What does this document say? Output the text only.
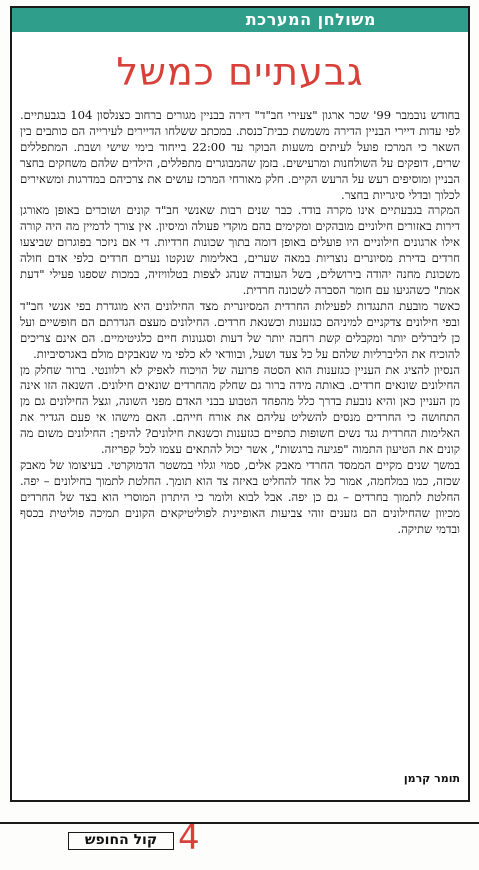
משולחן המערכת
גבעתיים כמשל

בחודש נובמבר 99' שכר ארגון "צעירי חב"ד" דירה בבניין מגורים ברחוב כצנלסון 104 בגבעתיים. לפי עדות דיירי הבניין הדירה משמשת כבית־כנסת. במכתב ששלחו הדיירים לעירייה הם כותבים בין השאר כי המרכז פועל לעיתים משעות הבוקר עד 22:00 בייחוד בימי שישי ושבת. המתפללים שרים, דופקים על השולחנות ומרעישים. בזמן שהמבוגרים מתפללים, הילדים שלהם משחקים בחצר הבניין ומוסיפים רעש על הרעש הקיים. חלק מאורחי המרכז עושים את צרכיהם במדרגות ומשאירים לכלוך ובדלי סיגריות בחצר.

המקרה בגבעתיים אינו מקרה בודד. כבר שנים רבות שאנשי חב"ד קונים ושוכרים באופן מאורגן דירות באזורים חילוניים מובהקים ומקימים בהם מוקדי פעולה ומיסיון. אין צורך לדמיין מה היה קורה אילו ארגונים חילוניים היו פועלים באופן דומה בתוך שכונות חרדיות. די אם ניזכר בפוגרום שביצעו חרדים בדירת מסיונרים נוצריות במאה שערים, באלימות שנקטו נערים חרדים כלפי אדם חולה משכונת מחנה יהודה בירושלים, בשל העובדה שנהג לצפות בטלוויזיה, במכות שספגו פעילי "דעת אמת" כשהגיעו עם חומר הסברה לשכונה חרדית.

כאשר מובעת התנגדות לפעילות החרדית המסיונרית מצד החילונים היא מוגדרת בפי אנשי חב"ד ובפי חילונים צדקניים למיניהם כגזענות וכשנאת חרדים. החילונים מעצם הגדרתם הם חופשיים ועל כן ליברלים יותר ומקבלים קשת רחבה יותר של דעות וסגנונות חיים כלגיטימיים. הם אינם צריכים להוכיח את הליברליות שלהם על כל צעד ושעל, ובוודאי לא כלפי מי שנאבקים מולם באגרסיביות.

הנסיון להציג את העניין כגזענות הוא הסטה פרועה של הויכוח לאפיק לא רלוונטי. ברור שחלק מן החילונים שונאים חרדים. באותה מידה ברור גם שחלק מהחרדים שונאים חילונים. השנאה הזו אינה מן העניין כאן והיא נובעת בדרך כלל מהפחד הטבוע בבני האדם מפני השונה, וגצל החילונים גם מן התחושה כי החרדים מנסים להשליט עליהם את אורח חייהם. האם מישהו אי פעם הגדיר את האלימות החרדית נגד נשים חשופות כתפיים כגזענות וכשנאת חילונים? להיפך: החילונים משום מה קונים את הטיעון התמוה "פגיעה ברגשות", אשר יכול להתאים עצמו לכל קפריזה.

במשך שנים מקיים הממסד החרדי מאבק אלים, סמוי וגלוי במשטר הדמוקרטי. בעיצומו של מאבק שכזה, כמו במלחמה, אמור כל אחד להחליט באיזה צד הוא תומך. החלטת לתמוך בחילונים – יפה. החלטת לתמוך בחרדים – גם כן יפה. אבל לבוא ולומר כי היתרון המוסרי הוא בצד של החרדים מכיוון שהחילונים הם גזענים זוהי צביעות האופיינית לפוליטיקאים הקונים תמיכה פוליטית בכסף ובדמי שתיקה.

תומר קרמן
קול החופש 4
